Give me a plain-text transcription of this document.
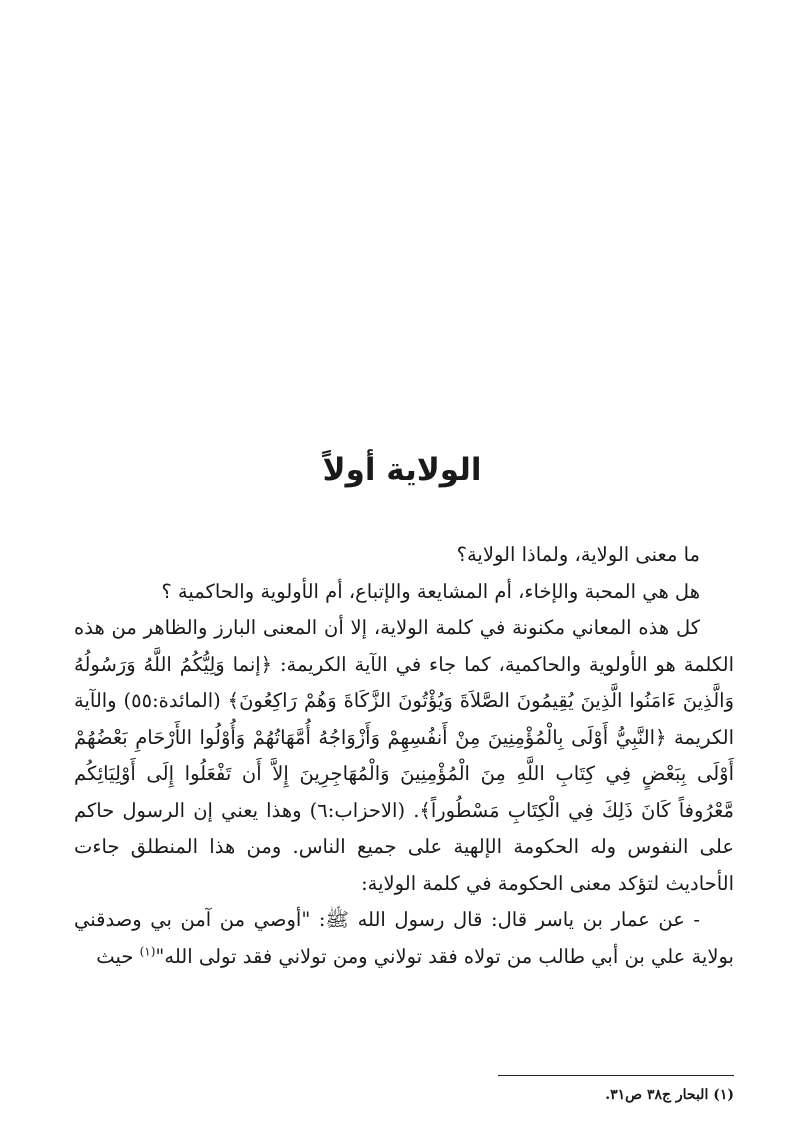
الولاية أولاً

ما معنى الولاية، ولماذا الولاية؟

هل هي المحبة والإخاء، أم المشايعة والإتباع، أم الأولوية والحاكمية ؟

كل هذه المعاني مكنونة في كلمة الولاية، إلا أن المعنى البارز والظاهر من هذه الكلمة هو الأولوية والحاكمية، كما جاء في الآية الكريمة: ﴿إنما وَلِيُّكُمُ اللَّهُ وَرَسُولُهُ وَالَّذِينَ ءَامَنُوا الَّذِينَ يُقِيمُونَ الصَّلاَةَ وَيُؤْتُونَ الزَّكَاةَ وَهُمْ رَاكِعُونَ﴾ (المائدة:٥٥) والآية الكريمة ﴿النَّبِيُّ أَوْلَى بِالْمُؤْمِنِينَ مِنْ أَنفُسِهِمْ وَأَزْوَاجُهُ أُمَّهَاتُهُمْ وَأُوْلُوا الأَرْحَامِ بَعْضُهُمْ أَوْلَى بِبَعْضٍ فِي كِتَابِ اللَّهِ مِنَ الْمُؤْمِنِينَ وَالْمُهَاجِرِينَ إِلاَّ أَن تَفْعَلُوا إِلَى أَوْلِيَائِكُم مَّعْرُوفاً كَانَ ذَلِكَ فِي الْكِتَابِ مَسْطُوراً﴾. (الاحزاب:٦) وهذا يعني إن الرسول حاكم على النفوس وله الحكومة الإلهية على جميع الناس. ومن هذا المنطلق جاءت الأحاديث لتؤكد معنى الحكومة في كلمة الولاية:

- عن عمار بن ياسر قال: قال رسول الله ﷺ: "أوصي من آمن بي وصدقني بولاية علي بن أبي طالب من تولاه فقد تولاني ومن تولاني فقد تولى الله"$^{(١)}$ حيث

(١) البحار ج٣٨ ص٣١.
